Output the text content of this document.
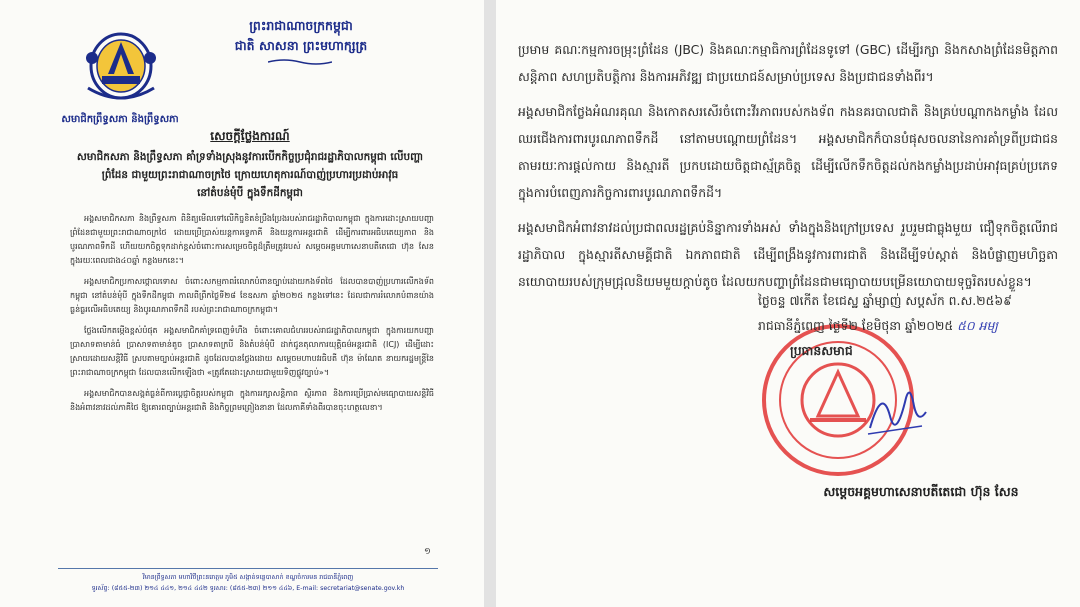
សមាជិកព្រឹទ្ធសភា និងព្រឹទ្ធសភា
ព្រះរាជាណាចក្រកម្ពុជា
ជាតិ សាសនា ព្រះមហាក្សត្រ
សេចក្តីថ្លែងការណ៍
សមាជិកសភា និងព្រឹទ្ធសភា គាំទ្រទាំងស្រុងនូវការបើកកិច្ចប្រជុំរាជរដ្ឋាភិបាលកម្ពុជា លើបញ្ហា
ព្រំដែន ជាមួយព្រះរាជាណាចក្រថៃ ក្រោយហេតុការណ៍បាញ់ប្រហារប្រដាប់អាវុធ
នៅតំបន់មុំបី ក្នុងទឹកដីកម្ពុជា

អង្គសមាជិកសភា និងព្រឹទ្ធសភា ពិនិត្យមើលទៅលើកិច្ចខិតខំប្រឹងប្រែងរបស់រាជរដ្ឋាភិបាលកម្ពុជា ក្នុងការដោះស្រាយបញ្ហាព្រំដែនជាមួយព្រះរាជាណាចក្រថៃ ដោយប្រើប្រាស់យន្តការទ្វេភាគី និងយន្តការអន្តរជាតិ ដើម្បីការពារអធិបតេយ្យភាព និងបូរណភាពទឹកដី ហើយយកចិត្តទុកដាក់ខ្ពស់ចំពោះការសម្រេចចិត្តដ៏ត្រឹមត្រូវរបស់ សម្តេចអគ្គមហាសេនាបតីតេជោ ហ៊ុន សែន ក្នុងរយៈពេលជាង៤០ឆ្នាំ កន្លងមកនេះ។

អង្គសមាជិកប្រកាសថ្កោលទោស ចំពោះសកម្មភាពរំលោភបំពានច្បាប់ដោយកងទ័ពថៃ ដែលបានបាញ់ប្រហារលើកងទ័ពកម្ពុជា នៅតំបន់មុំបី ក្នុងទឹកដីកម្ពុជា កាលពីព្រឹកថ្ងៃទី២៨ ខែឧសភា ឆ្នាំ២០២៥ កន្លងទៅនេះ ដែលជាការរំលោភបំពានយ៉ាងធ្ងន់ធ្ងរលើអធិបតេយ្យ និងបូរណភាពទឹកដី របស់ព្រះរាជាណាចក្រកម្ពុជា។

ថ្លែងលើកតម្កើងខ្ពស់បំផុត អង្គសមាជិកគាំទ្រពេញទំហឹង ចំពោះគោលជំហររបស់រាជរដ្ឋាភិបាលកម្ពុជា ក្នុងការយកបញ្ហា ប្រាសាទតាមាន់ធំ ប្រាសាទតាមាន់តូច ប្រាសាទតាក្របី និងតំបន់មុំបី ដាក់ជូនតុលាការយុត្តិធម៌អន្តរជាតិ (ICJ) ដើម្បីដោះស្រាយដោយសន្តិវិធី ស្របតាមច្បាប់អន្តរជាតិ ដូចដែលបានថ្លែងដោយ សម្តេចមហាបវរធិបតី ហ៊ុន ម៉ាណែត នាយករដ្ឋមន្ត្រីនៃព្រះរាជាណាចក្រកម្ពុជា ដែលបានលើកឡើងថា «ត្រូវតែដោះស្រាយជាមួយទិញផ្លូវច្បាប់»។

អង្គសមាជិកបានសង្កត់ធ្ងន់ពីការប្តេជ្ញាចិត្តរបស់កម្ពុជា ក្នុងការរក្សាសន្តិភាព ស្ថិរភាព និងការប្រើប្រាស់មធ្យោបាយសន្តិវិធី និងអំពាវនាវដល់ភាគីថៃ ឱ្យគោរពច្បាប់អន្តរជាតិ និងកិច្ចព្រមព្រៀងនានា ដែលភាគីទាំងពីរបានចុះហត្ថលេខា។

១
វិមានព្រឹទ្ធសភា មហាវិថីព្រះនរោត្តម ភូមិ៥ សង្កាត់ទន្លេបាសាក់ ខណ្ឌចំការមន រាជធានីភ្នំពេញ
ទូរស័ព្ទ: (៨៥៥-២៣) ២១៤ ៤៤១, ២១៤ ៤៤២ ទូរសារ: (៨៥៥-២៣) ២១១ ៤៤៦, E-mail: secretariat@senate.gov.kh

ប្រមាម គណៈកម្មការចម្រុះព្រំដែន (JBC) និងគណៈកម្មាធិការព្រំដែនទូទៅ (GBC) ដើម្បីរក្សា និងកសាងព្រំដែនមិត្តភាព សន្តិភាព សហប្រតិបត្តិការ និងការអភិវឌ្ឍ ជាប្រយោជន៍សម្រាប់ប្រទេស និងប្រជាជនទាំងពីរ។

អង្គសមាជិកថ្លែងអំណរគុណ និងកោតសរសើរចំពោះវីរភាពរបស់កងទ័ព កងនគរបាលជាតិ និងគ្រប់បណ្តាកងកម្លាំង ដែលឈរជើងការពារបូរណភាពទឹកដី នៅតាមបណ្តោយព្រំដែន។ អង្គសមាជិកក៏បានបំផុសចលនានៃការគាំទ្រពីប្រជាជន តាមរយៈការផ្តល់កាយ និងស្មារតី ប្រកបដោយចិត្តជាស្ម័គ្រចិត្ត ដើម្បីលើកទឹកចិត្តដល់កងកម្លាំងប្រដាប់អាវុធគ្រប់ប្រភេទ ក្នុងការបំពេញភារកិច្ចការពារបូរណភាពទឹកដី។

អង្គសមាជិកអំពាវនាវដល់ប្រជាពលរដ្ឋគ្រប់និន្នាការទាំងអស់ ទាំងក្នុងនិងក្រៅប្រទេស រួបរួមជាធ្លុងមួយ ជឿទុកចិត្តលើរាជរដ្ឋាភិបាល ក្នុងស្មារតីសាមគ្គីជាតិ ឯកភាពជាតិ ដើម្បីពង្រឹងនូវការពារជាតិ និងដើម្បីទប់ស្កាត់ និងបំផ្លាញមហិច្ឆតានយោបាយរបស់ក្រុមជ្រុលនិយមមួយក្តាប់តូច ដែលយកបញ្ហាព្រំដែនជាមធ្យោបាយបម្រើនយោបាយទុច្ចរិតរបស់ខ្លួន។

ថ្ងៃចន្ទ ៧កើត ខែជេស្ឋ ឆ្នាំម្សាញ់ សប្តស័ក ព.ស.២៥៦៩
រាជធានីភ្នំពេញ ថ្ងៃទី២ ខែមិថុនា ឆ្នាំ២០២៥ ៥០ អម្យ
ប្រធានសមាជ
សម្តេចអគ្គមហាសេនាបតីតេជោ ហ៊ុន សែន
